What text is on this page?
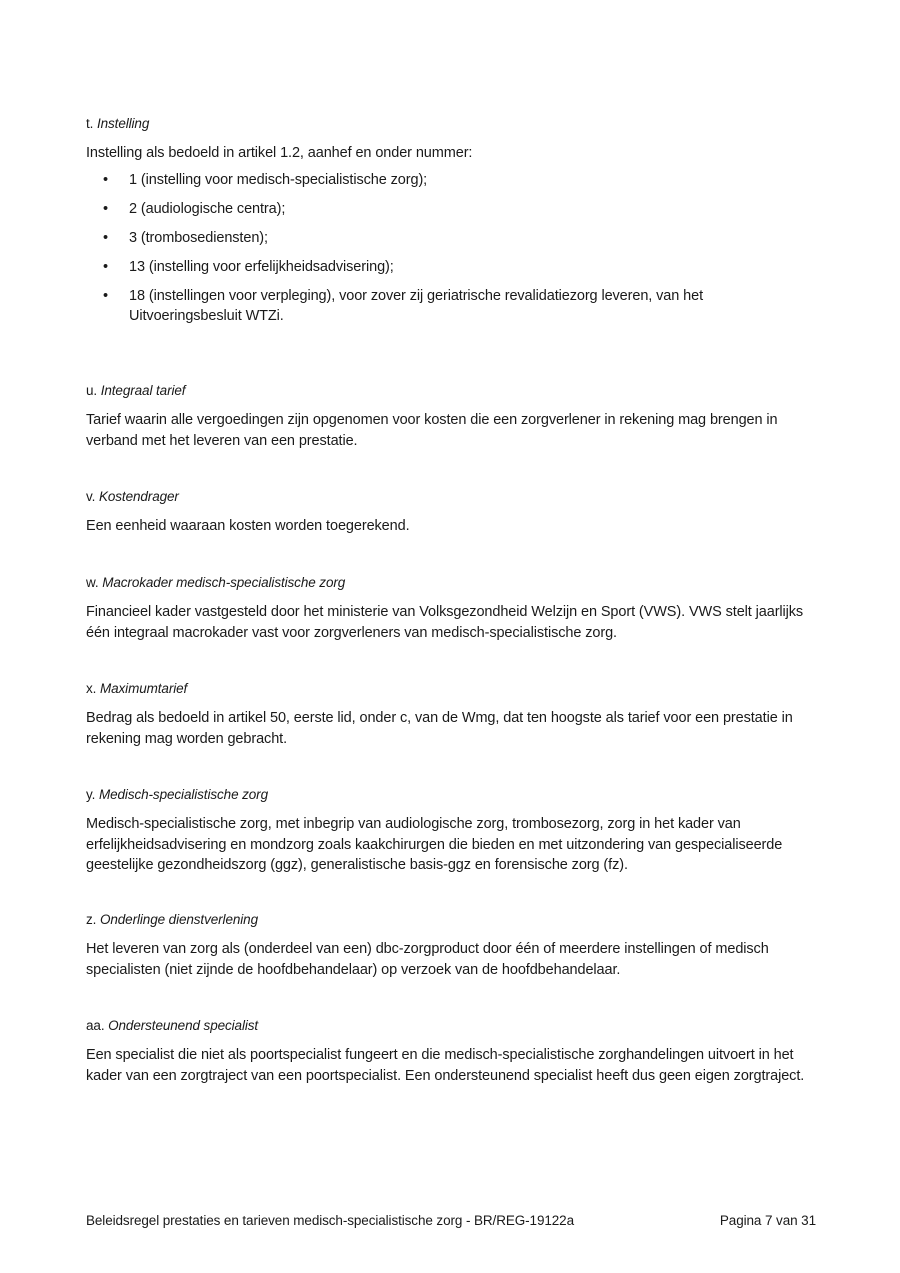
t. Instelling

Instelling als bedoeld in artikel 1.2, aanhef en onder nummer:

• 1 (instelling voor medisch-specialistische zorg);
• 2 (audiologische centra);
• 3 (trombosediensten);
• 13 (instelling voor erfelijkheidsadvisering);
• 18 (instellingen voor verpleging), voor zover zij geriatrische revalidatiezorg leveren, van het Uitvoeringsbesluit WTZi.

u. Integraal tarief

Tarief waarin alle vergoedingen zijn opgenomen voor kosten die een zorgverlener in rekening mag brengen in verband met het leveren van een prestatie.

v. Kostendrager

Een eenheid waaraan kosten worden toegerekend.

w. Macrokader medisch-specialistische zorg

Financieel kader vastgesteld door het ministerie van Volksgezondheid Welzijn en Sport (VWS). VWS stelt jaarlijks één integraal macrokader vast voor zorgverleners van medisch-specialistische zorg.

x. Maximumtarief

Bedrag als bedoeld in artikel 50, eerste lid, onder c, van de Wmg, dat ten hoogste als tarief voor een prestatie in rekening mag worden gebracht.

y. Medisch-specialistische zorg

Medisch-specialistische zorg, met inbegrip van audiologische zorg, trombosezorg, zorg in het kader van erfelijkheidsadvisering en mondzorg zoals kaakchirurgen die bieden en met uitzondering van gespecialiseerde geestelijke gezondheidszorg (ggz), generalistische basis-ggz en forensische zorg (fz).

z. Onderlinge dienstverlening

Het leveren van zorg als (onderdeel van een) dbc-zorgproduct door één of meerdere instellingen of medisch specialisten (niet zijnde de hoofdbehandelaar) op verzoek van de hoofdbehandelaar.

aa. Ondersteunend specialist

Een specialist die niet als poortspecialist fungeert en die medisch-specialistische zorghandelingen uitvoert in het kader van een zorgtraject van een poortspecialist. Een ondersteunend specialist heeft dus geen eigen zorgtraject.

Beleidsregel prestaties en tarieven medisch-specialistische zorg - BR/REG-19122a	Pagina 7 van 31
